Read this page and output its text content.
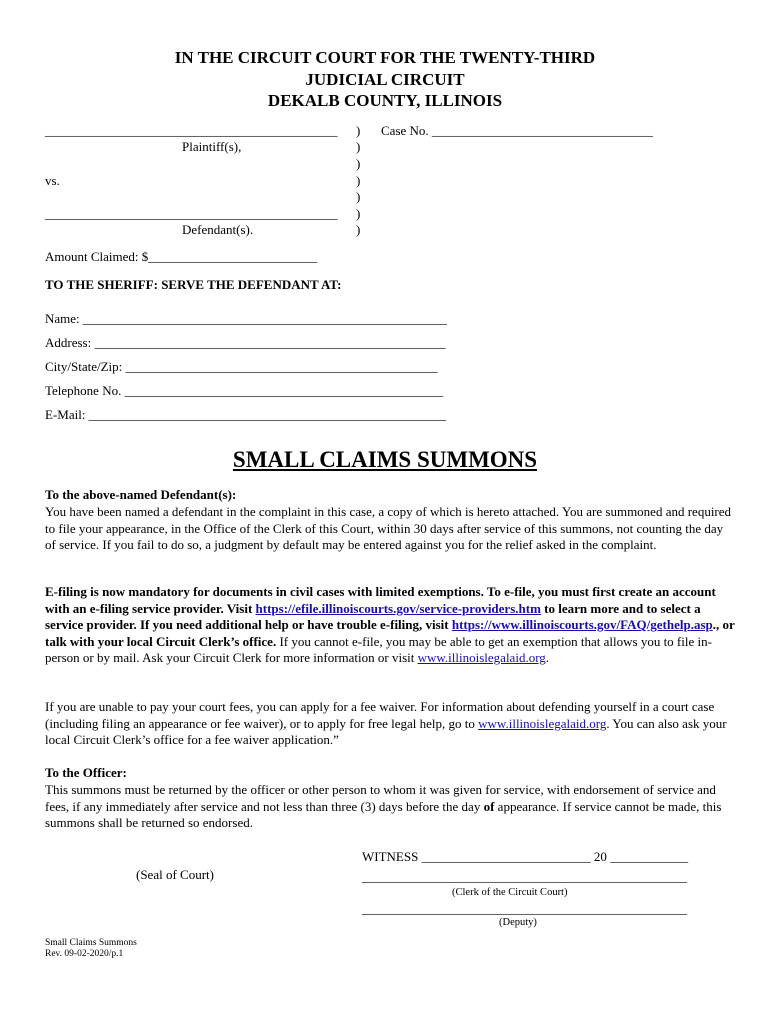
IN THE CIRCUIT COURT FOR THE TWENTY-THIRD
JUDICIAL CIRCUIT
DEKALB COUNTY, ILLINOIS
_____________________________________________
Plaintiff(s),
vs.
_____________________________________________
Defendant(s).
)
)
)
)
)
)
)
Case No. __________________________________
Amount Claimed: $__________________________
TO THE SHERIFF: SERVE THE DEFENDANT AT:
Name: ________________________________________________________
Address: ______________________________________________________
City/State/Zip: ________________________________________________
Telephone No. _________________________________________________
E-Mail: _______________________________________________________
SMALL CLAIMS SUMMONS
To the above-named Defendant(s):
You have been named a defendant in the complaint in this case, a copy of which is hereto attached. You are summoned and required to file your appearance, in the Office of the Clerk of this Court, within 30 days after service of this summons, not counting the day of service. If you fail to do so, a judgment by default may be entered against you for the relief asked in the complaint.
E-filing is now mandatory for documents in civil cases with limited exemptions. To e-file, you must first create an account with an e-filing service provider. Visit https://efile.illinoiscourts.gov/service-providers.htm to learn more and to select a service provider. If you need additional help or have trouble e-filing, visit https://www.illinoiscourts.gov/FAQ/gethelp.asp., or talk with your local Circuit Clerk’s office. If you cannot e-file, you may be able to get an exemption that allows you to file in-person or by mail. Ask your Circuit Clerk for more information or visit www.illinoislegalaid.org.
If you are unable to pay your court fees, you can apply for a fee waiver. For information about defending yourself in a court case (including filing an appearance or fee waiver), or to apply for free legal help, go to www.illinoislegalaid.org. You can also ask your local Circuit Clerk’s office for a fee waiver application.”
To the Officer:
This summons must be returned by the officer or other person to whom it was given for service, with endorsement of service and fees, if any immediately after service and not less than three (3) days before the day of appearance. If service cannot be made, this summons shall be returned so endorsed.
WITNESS __________________________ 20 ____________
(Seal of Court)	__________________________________________________
(Clerk of the Circuit Court)
__________________________________________________
(Deputy)
Small Claims Summons
Rev. 09-02-2020/p.1
